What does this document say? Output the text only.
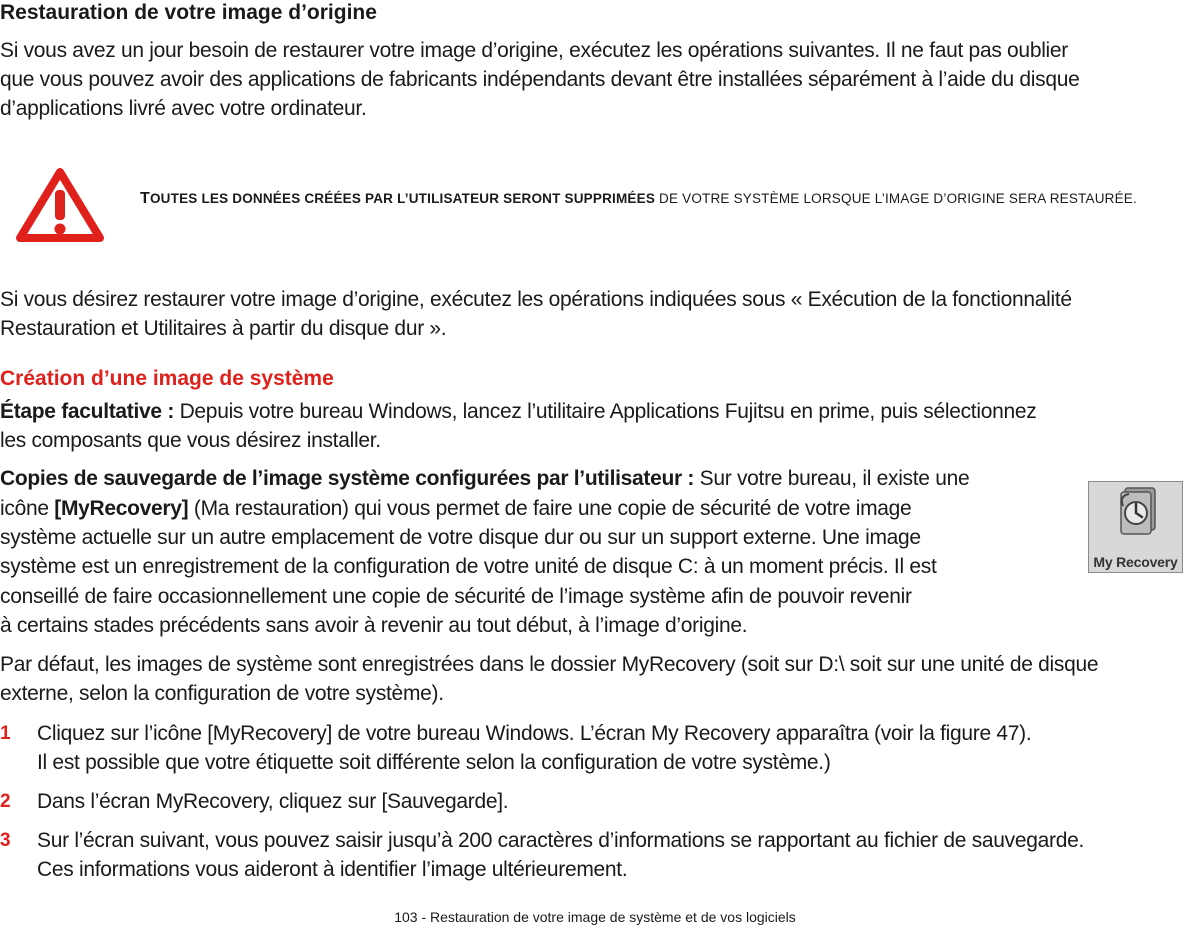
Restauration de votre image d’origine

Si vous avez un jour besoin de restaurer votre image d’origine, exécutez les opérations suivantes. Il ne faut pas oublier

que vous pouvez avoir des applications de fabricants indépendants devant être installées séparément à l’aide du disque

d’applications livré avec votre ordinateur.

TOUTES LES DONNÉES CRÉÉES PAR L’UTILISATEUR SERONT SUPPRIMÉES DE VOTRE SYSTÈME LORSQUE L’IMAGE D’ORIGINE SERA RESTAURÉE.

Si vous désirez restaurer votre image d’origine, exécutez les opérations indiquées sous « Exécution de la fonctionnalité

Restauration et Utilitaires à partir du disque dur ».

Création d’une image de système

Étape facultative : Depuis votre bureau Windows, lancez l’utilitaire Applications Fujitsu en prime, puis sélectionnez

les composants que vous désirez installer.

Copies de sauvegarde de l’image système configurées par l’utilisateur : Sur votre bureau, il existe une

icône [MyRecovery] (Ma restauration) qui vous permet de faire une copie de sécurité de votre image

système actuelle sur un autre emplacement de votre disque dur ou sur un support externe. Une image

système est un enregistrement de la configuration de votre unité de disque C: à un moment précis. Il est

conseillé de faire occasionnellement une copie de sécurité de l’image système afin de pouvoir revenir

à certains stades précédents sans avoir à revenir au tout début, à l’image d’origine.

My Recovery

Par défaut, les images de système sont enregistrées dans le dossier MyRecovery (soit sur D:\ soit sur une unité de disque

externe, selon la configuration de votre système).

1 Cliquez sur l’icône [MyRecovery] de votre bureau Windows. L’écran My Recovery apparaîtra (voir la figure 47).

Il est possible que votre étiquette soit différente selon la configuration de votre système.)

2 Dans l’écran MyRecovery, cliquez sur [Sauvegarde].

3 Sur l’écran suivant, vous pouvez saisir jusqu’à 200 caractères d’informations se rapportant au fichier de sauvegarde.

Ces informations vous aideront à identifier l’image ultérieurement.

103 - Restauration de votre image de système et de vos logiciels
